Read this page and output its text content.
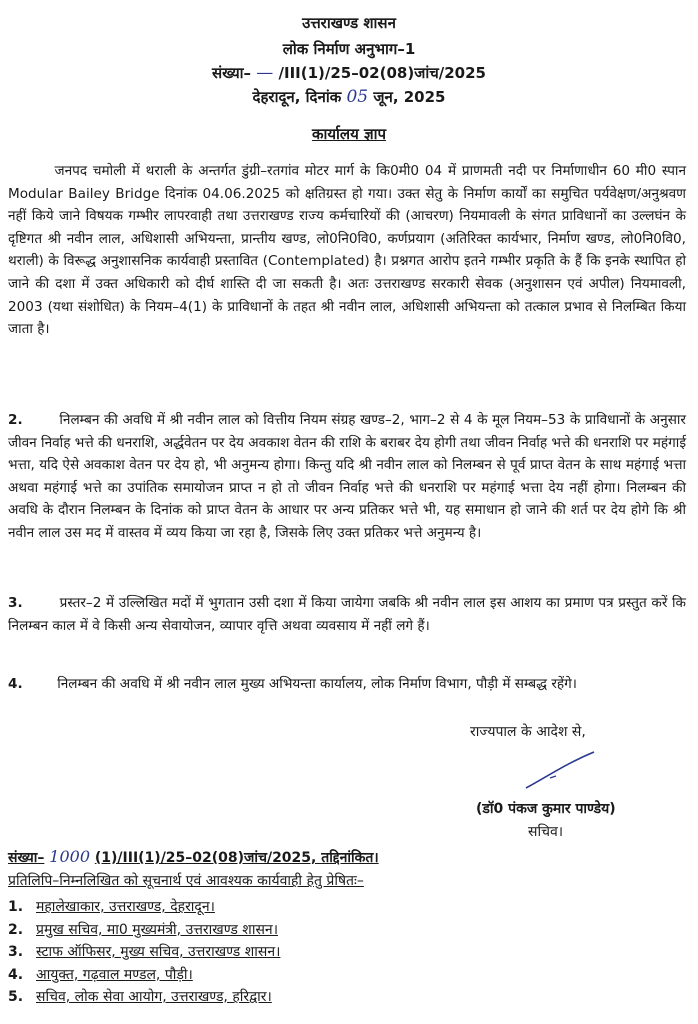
उत्तराखण्ड शासन
लोक निर्माण अनुभाग–1
संख्या– — /III(1)/25–02(08)जांच/2025
देहरादून, दिनांक 05 जून, 2025
कार्यालय ज्ञाप
जनपद चमोली में थराली के अन्तर्गत डुंग्री–रतगांव मोटर मार्ग के कि0मी0 04 में प्राणमती नदी पर निर्माणाधीन 60 मी0 स्पान Modular Bailey Bridge दिनांक 04.06.2025 को क्षतिग्रस्त हो गया। उक्त सेतु के निर्माण कार्यों का समुचित पर्यवेक्षण/अनुश्रवण नहीं किये जाने विषयक गम्भीर लापरवाही तथा उत्तराखण्ड राज्य कर्मचारियों की (आचरण) नियमावली के संगत प्राविधानों का उल्लघंन के दृष्टिगत श्री नवीन लाल, अधिशासी अभियन्ता, प्रान्तीय खण्ड, लो0नि0वि0, कर्णप्रयाग (अतिरिक्त कार्यभार, निर्माण खण्ड, लो0नि0वि0, थराली) के विरूद्ध अनुशासनिक कार्यवाही प्रस्तावित (Contemplated) है। प्रश्नगत आरोप इतने गम्भीर प्रकृति के हैं कि इनके स्थापित हो जाने की दशा में उक्त अधिकारी को दीर्घ शास्ति दी जा सकती है। अतः उत्तराखण्ड सरकारी सेवक (अनुशासन एवं अपील) नियमावली, 2003 (यथा संशोधित) के नियम–4(1) के प्राविधानों के तहत श्री नवीन लाल, अधिशासी अभियन्ता को तत्काल प्रभाव से निलम्बित किया जाता है।
2.	निलम्बन की अवधि में श्री नवीन लाल को वित्तीय नियम संग्रह खण्ड–2, भाग–2 से 4 के मूल नियम–53 के प्राविधानों के अनुसार जीवन निर्वाह भत्ते की धनराशि, अर्द्धवेतन पर देय अवकाश वेतन की राशि के बराबर देय होगी तथा जीवन निर्वाह भत्ते की धनराशि पर महंगाई भत्ता, यदि ऐसे अवकाश वेतन पर देय हो, भी अनुमन्य होगा। किन्तु यदि श्री नवीन लाल को निलम्बन से पूर्व प्राप्त वेतन के साथ महंगाई भत्ता अथवा महंगाई भत्ते का उपांतिक समायोजन प्राप्त न हो तो जीवन निर्वाह भत्ते की धनराशि पर महंगाई भत्ता देय नहीं होगा। निलम्बन की अवधि के दौरान निलम्बन के दिनांक को प्राप्त वेतन के आधार पर अन्य प्रतिकर भत्ते भी, यह समाधान हो जाने की शर्त पर देय होगे कि श्री नवीन लाल उस मद में वास्तव में व्यय किया जा रहा है, जिसके लिए उक्त प्रतिकर भत्ते अनुमन्य है।
3.	प्रस्तर–2 में उल्लिखित मदों में भुगतान उसी दशा में किया जायेगा जबकि श्री नवीन लाल इस आशय का प्रमाण पत्र प्रस्तुत करें कि निलम्बन काल में वे किसी अन्य सेवायोजन, व्यापार वृत्ति अथवा व्यवसाय में नहीं लगे हैं।
4.	निलम्बन की अवधि में श्री नवीन लाल मुख्य अभियन्ता कार्यालय, लोक निर्माण विभाग, पौड़ी में सम्बद्ध रहेंगे।
राज्यपाल के आदेश से,
(डॉ0 पंकज कुमार पाण्डेय)
सचिव।
संख्या– 1000 (1)/III(1)/25–02(08)जांच/2025, तद्दिनांकित।
प्रतिलिपि–निम्नलिखित को सूचनार्थ एवं आवश्यक कार्यवाही हेतु प्रेषितः–
1. महालेखाकार, उत्तराखण्ड, देहरादून।
2. प्रमुख सचिव, मा0 मुख्यमंत्री, उत्तराखण्ड शासन।
3. स्टाफ ऑफिसर, मुख्य सचिव, उत्तराखण्ड शासन।
4. आयुक्त, गढ़वाल मण्डल, पौड़ी।
5. सचिव, लोक सेवा आयोग, उत्तराखण्ड, हरिद्वार।
